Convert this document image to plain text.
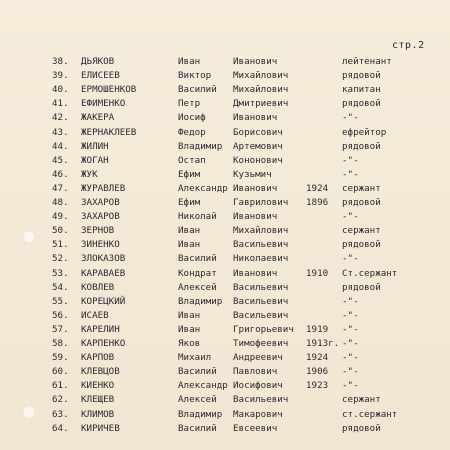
стр.2
38. ДЬЯКОВ	Иван	Иванович	лейтенант
39. ЕЛИСЕЕВ	Виктор Михайлович	рядовой
40. ЕРМОШЕНКОВ	Василий Михайлович	капитан
41. ЕФИМЕНКО	Петр	Дмитриевич	рядовой
42. ЖАКЕРА	Иосиф	Иванович	-"-
43. ЖЕРНАКЛЕЕВ	Федор	Борисович	ефрейтор
44. ЖИЛИН	Владимир Артемович	рядовой
45. ЖОГАН	Остап	Кононович	-"-
46. ЖУК	Ефим	Кузьмич	-"-
47. ЖУРАВЛЕВ	Александр Иванович	1924 сержант
48. ЗАХАРОВ	Ефим	Гаврилович 1896 рядовой
49. ЗАХАРОВ	Николай Иванович	-"-
50. ЗЕРНОВ	Иван	Михайлович	сержант
51. ЗИНЕНКО	Иван	Васильевич	рядовой
52. ЗЛОКАЗОВ	Василий Николаевич	-"-
53. КАРАВАЕВ	Кондрат Иванович	1910 Ст.сержант
54. КОВЛЕВ	Алексей Васильевич	рядовой
55. КОРЕЦКИЙ	Владимир Васильевич	-"-
56. ИСАЕВ	Иван	Васильевич	-"-
57. КАРЕЛИН	Иван	Григорьевич 1919 -"-
58. КАРПЕНКО	Яков	Тимофеевич 1913г. -"-
59. КАРПОВ	Михаил Андреевич	1924 -"-
60. КЛЕВЦОВ	Василий Павлович	1906 -"-
61. КИЕНКО	Александр Иосифович	1923 -"-
62. КЛЕЩЕВ	Алексей Васильевич	сержант
63. КЛИМОВ	Владимир Макарович	ст.сержант
64. КИРИЧЕВ	Василий Евсеевич	рядовой
